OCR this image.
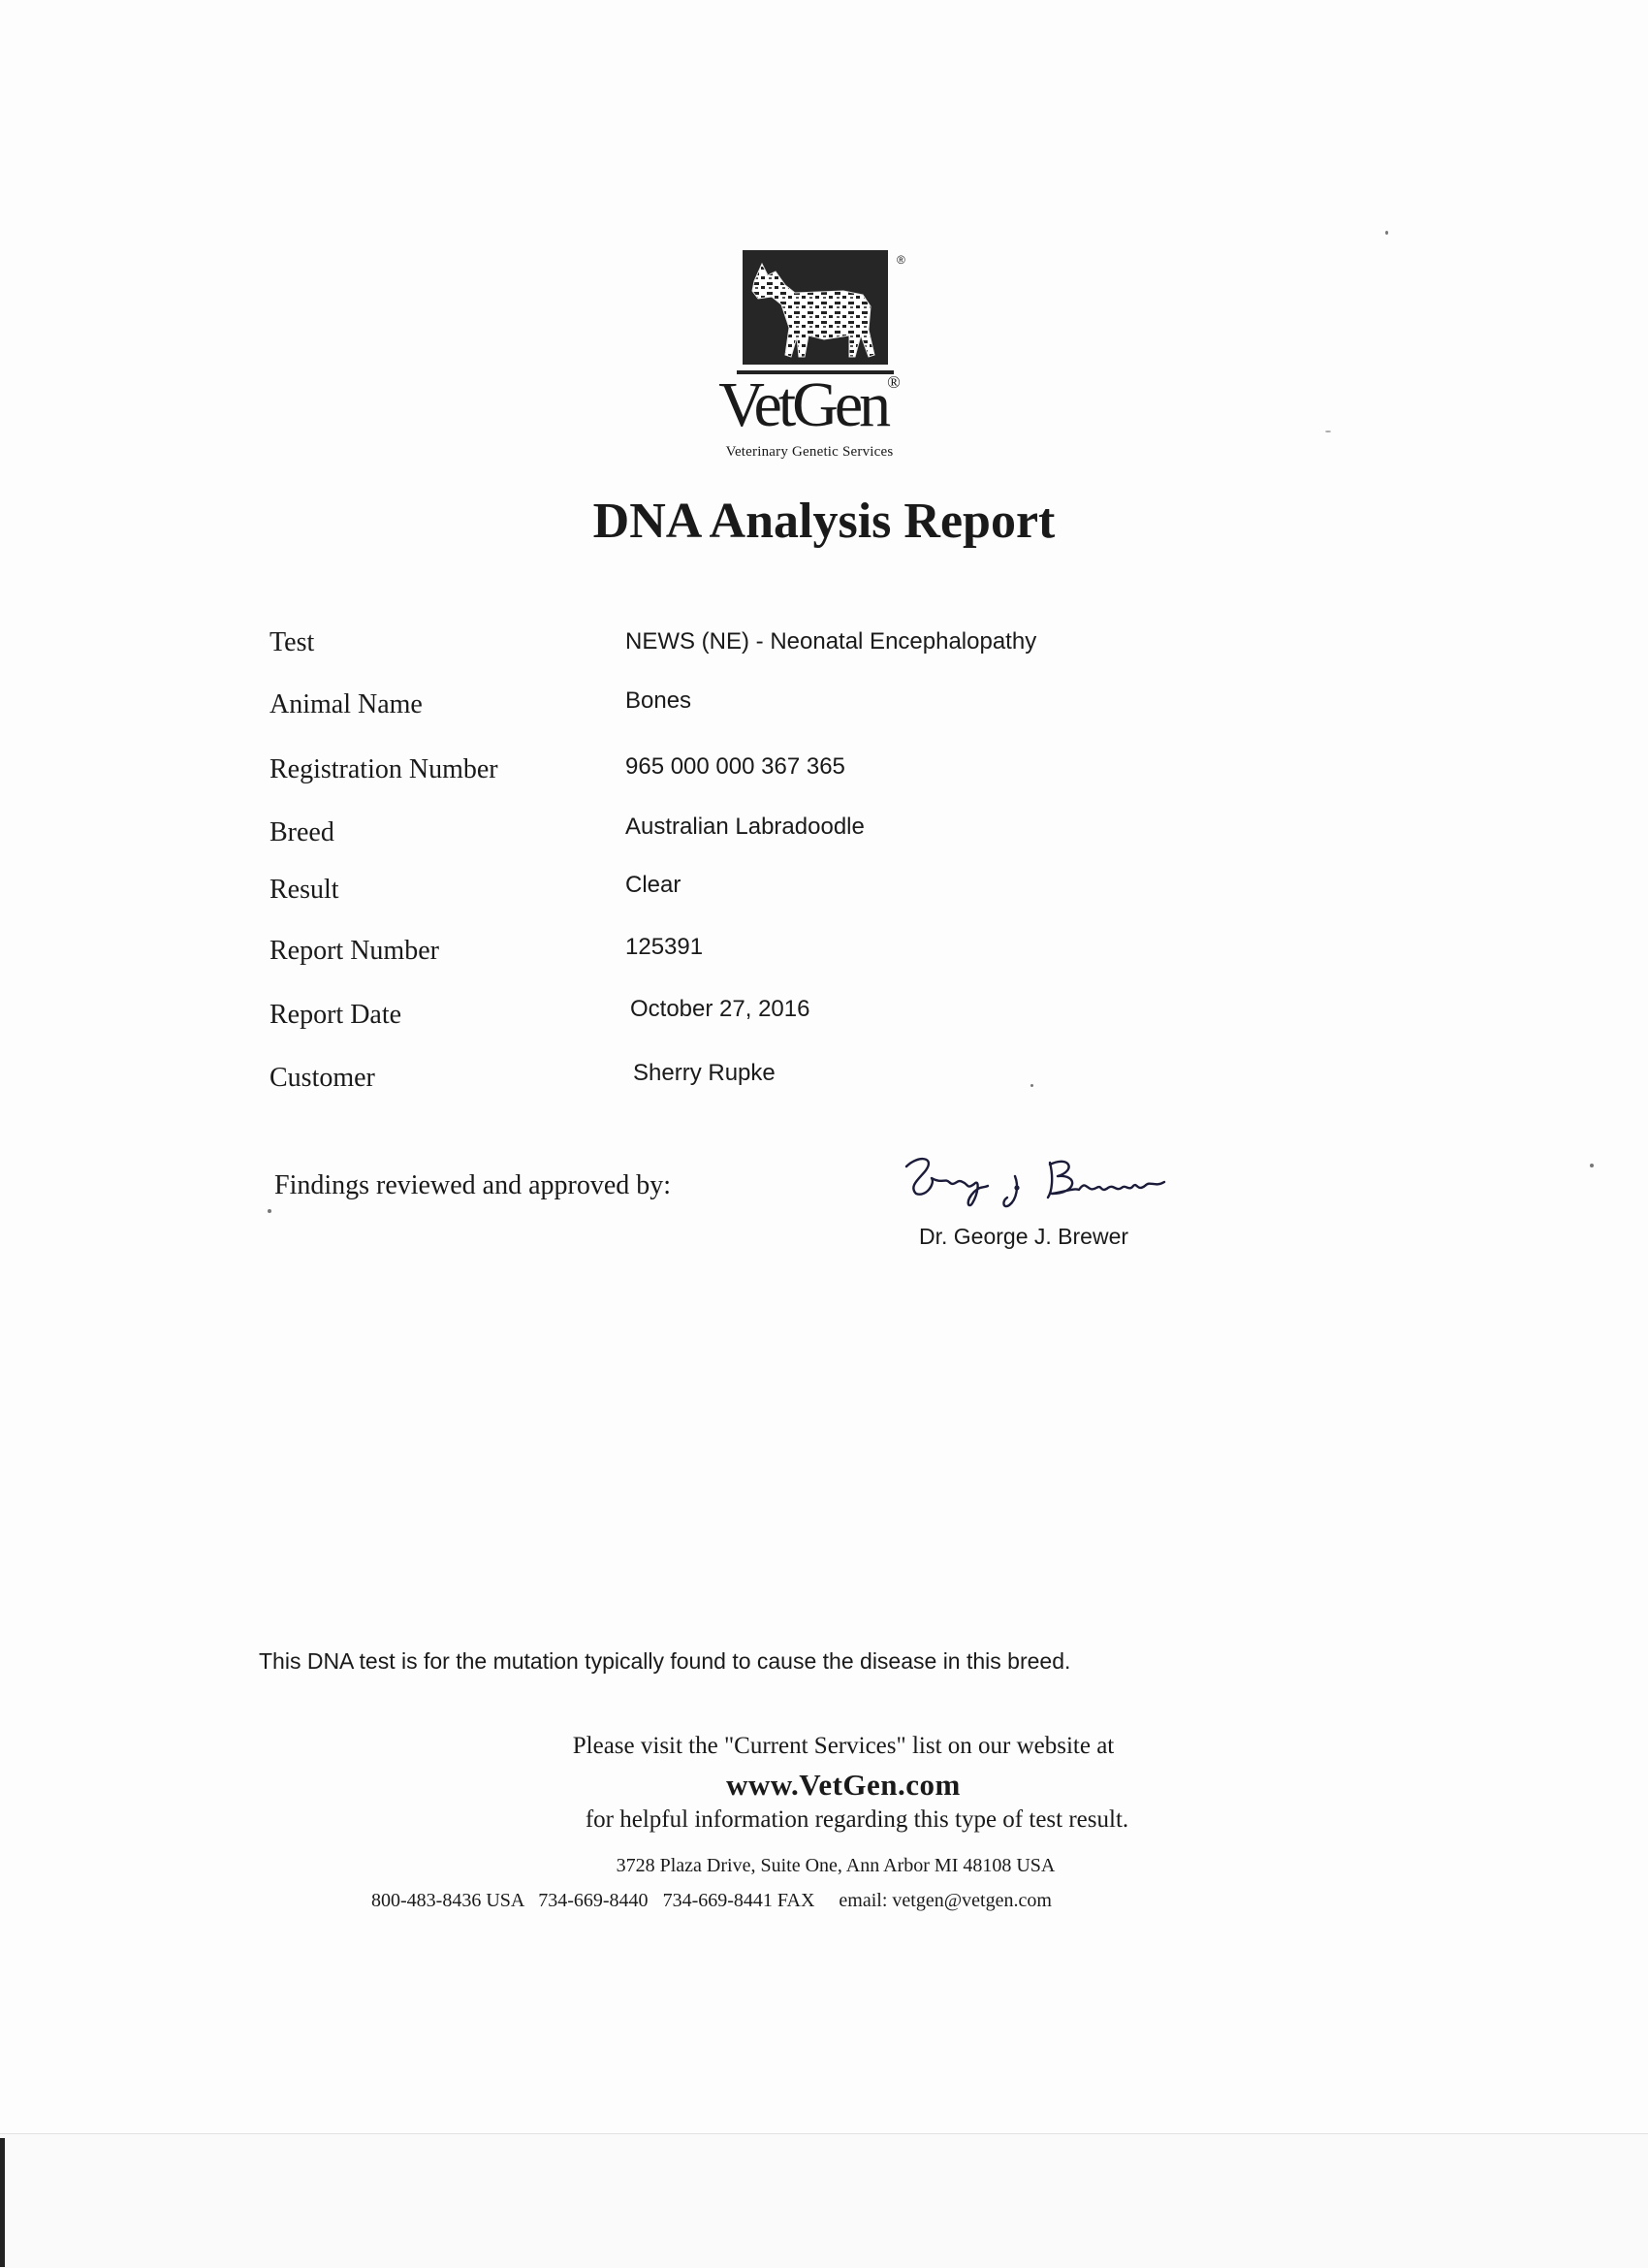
®
VetGen®
Veterinary Genetic Services
DNA Analysis Report
Test	NEWS (NE) - Neonatal Encephalopathy
Animal Name	Bones
Registration Number	965 000 000 367 365
Breed	Australian Labradoodle
Result	Clear
Report Number	125391
Report Date	October 27, 2016
Customer	Sherry Rupke
Findings reviewed and approved by:
Dr. George J. Brewer
This DNA test is for the mutation typically found to cause the disease in this breed.
Please visit the "Current Services" list on our website at
www.VetGen.com
for helpful information regarding this type of test result.
3728 Plaza Drive, Suite One, Ann Arbor MI 48108 USA
800-483-8436 USA 734-669-8440 734-669-8441 FAX email: vetgen@vetgen.com
